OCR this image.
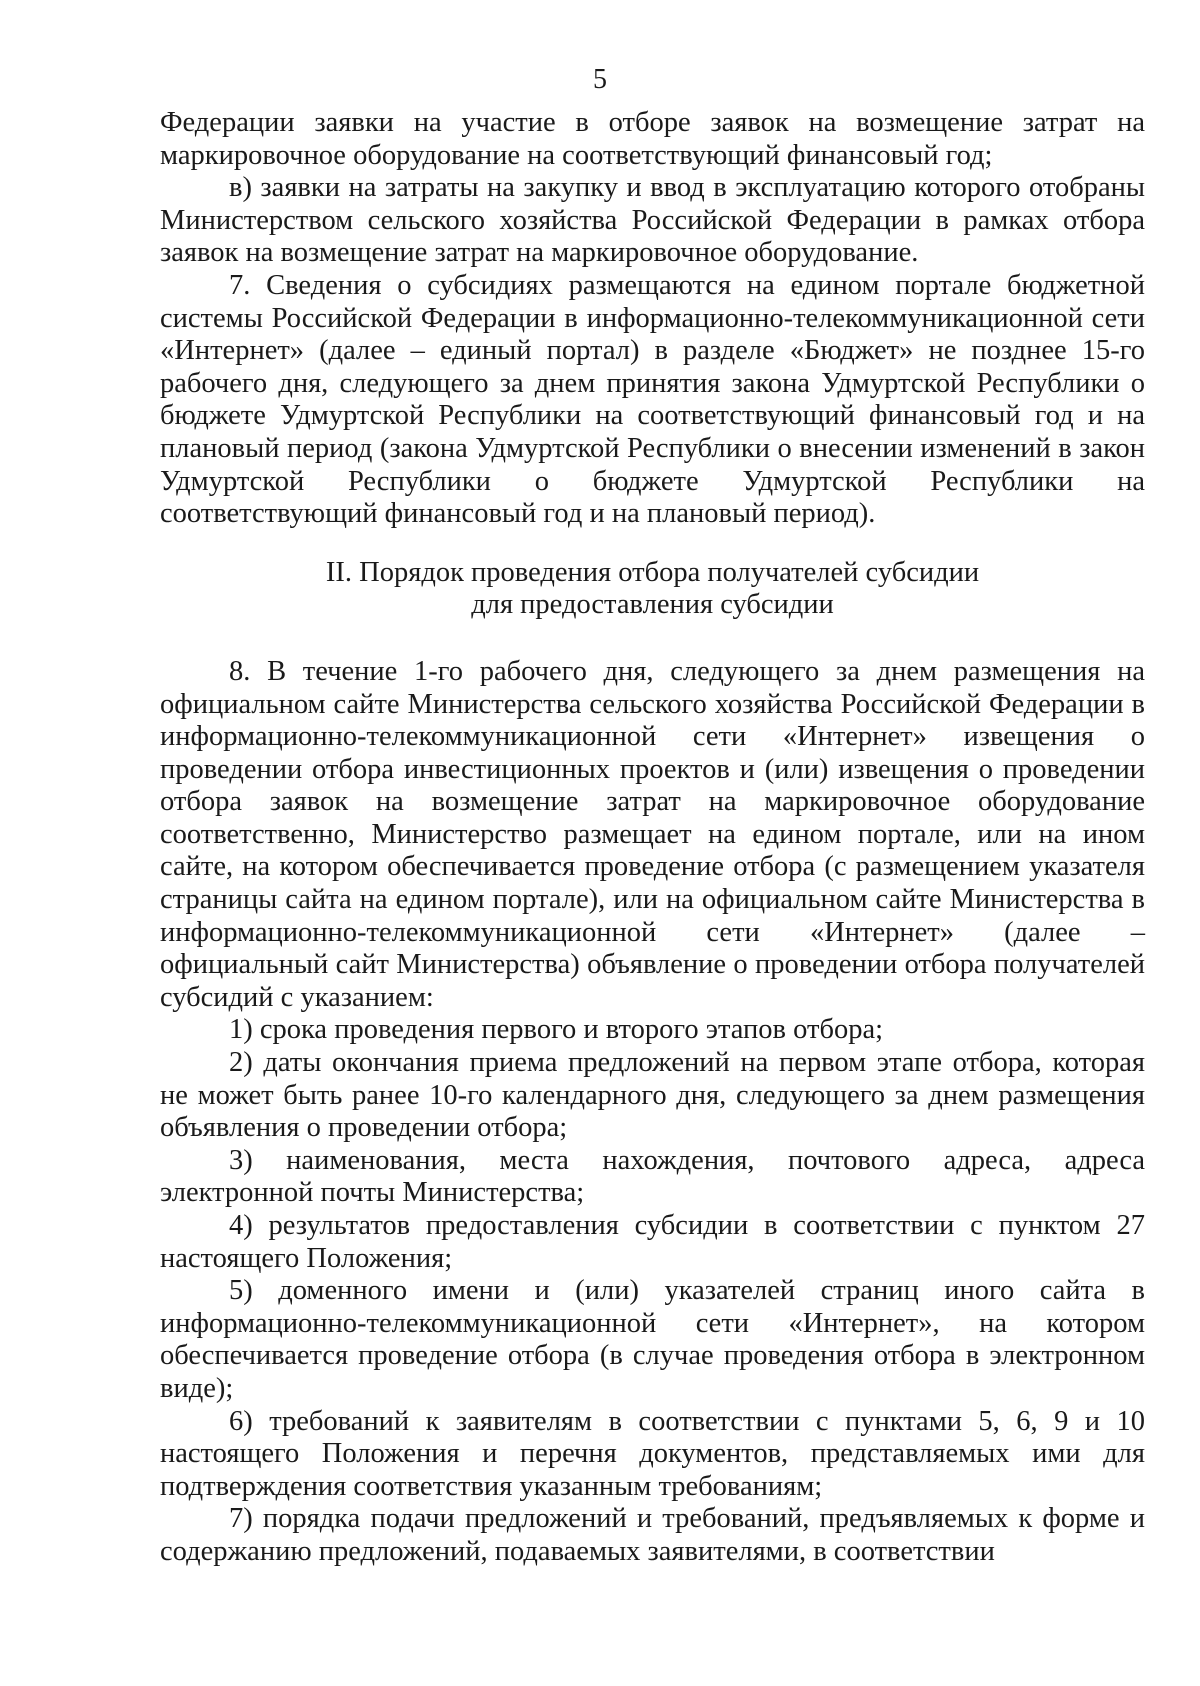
5

Федерации заявки на участие в отборе заявок на возмещение затрат на маркировочное оборудование на соответствующий финансовый год;

в) заявки на затраты на закупку и ввод в эксплуатацию которого отобраны Министерством сельского хозяйства Российской Федерации в рамках отбора заявок на возмещение затрат на маркировочное оборудование.

7. Сведения о субсидиях размещаются на едином портале бюджетной системы Российской Федерации в информационно-телекоммуникационной сети «Интернет» (далее – единый портал) в разделе «Бюджет» не позднее 15-го рабочего дня, следующего за днем принятия закона Удмуртской Республики о бюджете Удмуртской Республики на соответствующий финансовый год и на плановый период (закона Удмуртской Республики о внесении изменений в закон Удмуртской Республики о бюджете Удмуртской Республики на соответствующий финансовый год и на плановый период).

II. Порядок проведения отбора получателей субсидии
для предоставления субсидии

8. В течение 1-го рабочего дня, следующего за днем размещения на официальном сайте Министерства сельского хозяйства Российской Федерации в информационно-телекоммуникационной сети «Интернет» извещения о проведении отбора инвестиционных проектов и (или) извещения о проведении отбора заявок на возмещение затрат на маркировочное оборудование соответственно, Министерство размещает на едином портале, или на ином сайте, на котором обеспечивается проведение отбора (с размещением указателя страницы сайта на едином портале), или на официальном сайте Министерства в информационно-телекоммуникационной сети «Интернет» (далее – официальный сайт Министерства) объявление о проведении отбора получателей субсидий с указанием:

1) срока проведения первого и второго этапов отбора;

2) даты окончания приема предложений на первом этапе отбора, которая не может быть ранее 10-го календарного дня, следующего за днем размещения объявления о проведении отбора;

3) наименования, места нахождения, почтового адреса, адреса электронной почты Министерства;

4) результатов предоставления субсидии в соответствии с пунктом 27 настоящего Положения;

5) доменного имени и (или) указателей страниц иного сайта в информационно-телекоммуникационной сети «Интернет», на котором обеспечивается проведение отбора (в случае проведения отбора в электронном виде);

6) требований к заявителям в соответствии с пунктами 5, 6, 9 и 10 настоящего Положения и перечня документов, представляемых ими для подтверждения соответствия указанным требованиям;

7) порядка подачи предложений и требований, предъявляемых к форме и содержанию предложений, подаваемых заявителями, в соответствии
